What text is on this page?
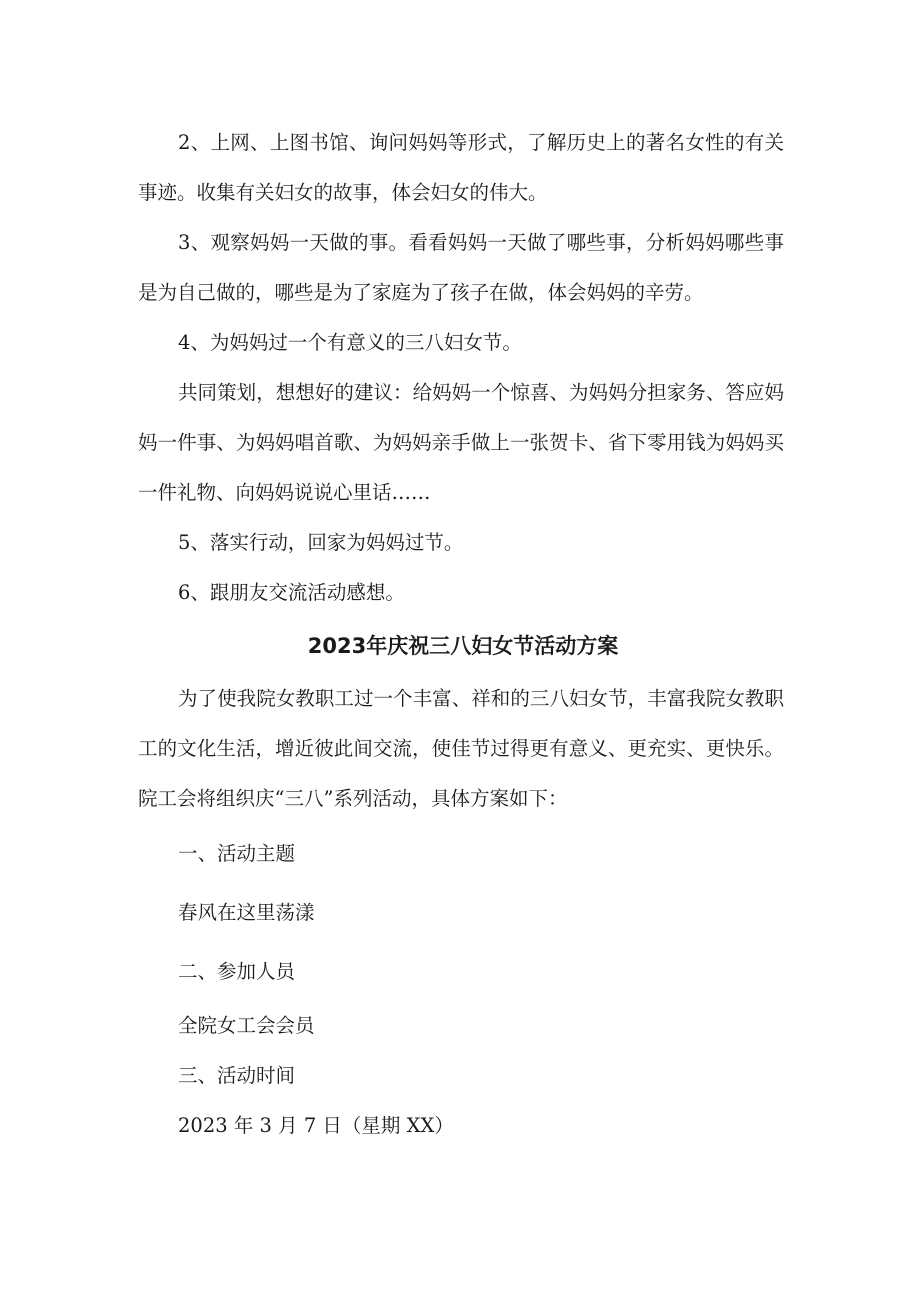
2、上网、上图书馆、询问妈妈等形式，了解历史上的著名女性的有关事迹。收集有关妇女的故事，体会妇女的伟大。

3、观察妈妈一天做的事。看看妈妈一天做了哪些事，分析妈妈哪些事是为自己做的，哪些是为了家庭为了孩子在做，体会妈妈的辛劳。

4、为妈妈过一个有意义的三八妇女节。

共同策划，想想好的建议：给妈妈一个惊喜、为妈妈分担家务、答应妈妈一件事、为妈妈唱首歌、为妈妈亲手做上一张贺卡、省下零用钱为妈妈买一件礼物、向妈妈说说心里话……

5、落实行动，回家为妈妈过节。

6、跟朋友交流活动感想。

2023年庆祝三八妇女节活动方案

为了使我院女教职工过一个丰富、祥和的三八妇女节，丰富我院女教职工的文化生活，增近彼此间交流，使佳节过得更有意义、更充实、更快乐。院工会将组织庆“三八”系列活动，具体方案如下：

一、活动主题

春风在这里荡漾

二、参加人员

全院女工会会员

三、活动时间

2023 年 3 月 7 日（星期 XX）
